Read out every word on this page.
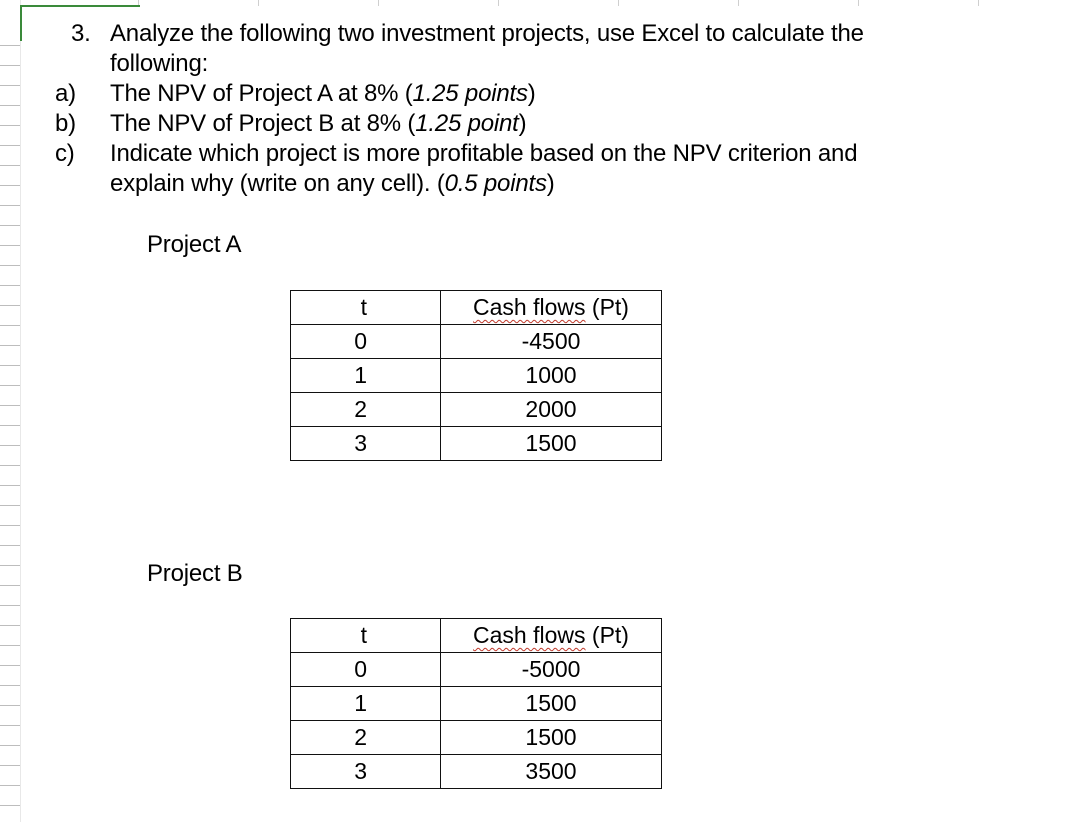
3. Analyze the following two investment projects, use Excel to calculate the
following:
a) The NPV of Project A at 8% (1.25 points)
b) The NPV of Project B at 8% (1.25 point)
c) Indicate which project is more profitable based on the NPV criterion and
explain why (write on any cell). (0.5 points)
Project A
t	Cash flows (Pt)
0	-4500
1	1000
2	2000
3	1500
Project B
t	Cash flows (Pt)
0	-5000
1	1500
2	1500
3	3500
